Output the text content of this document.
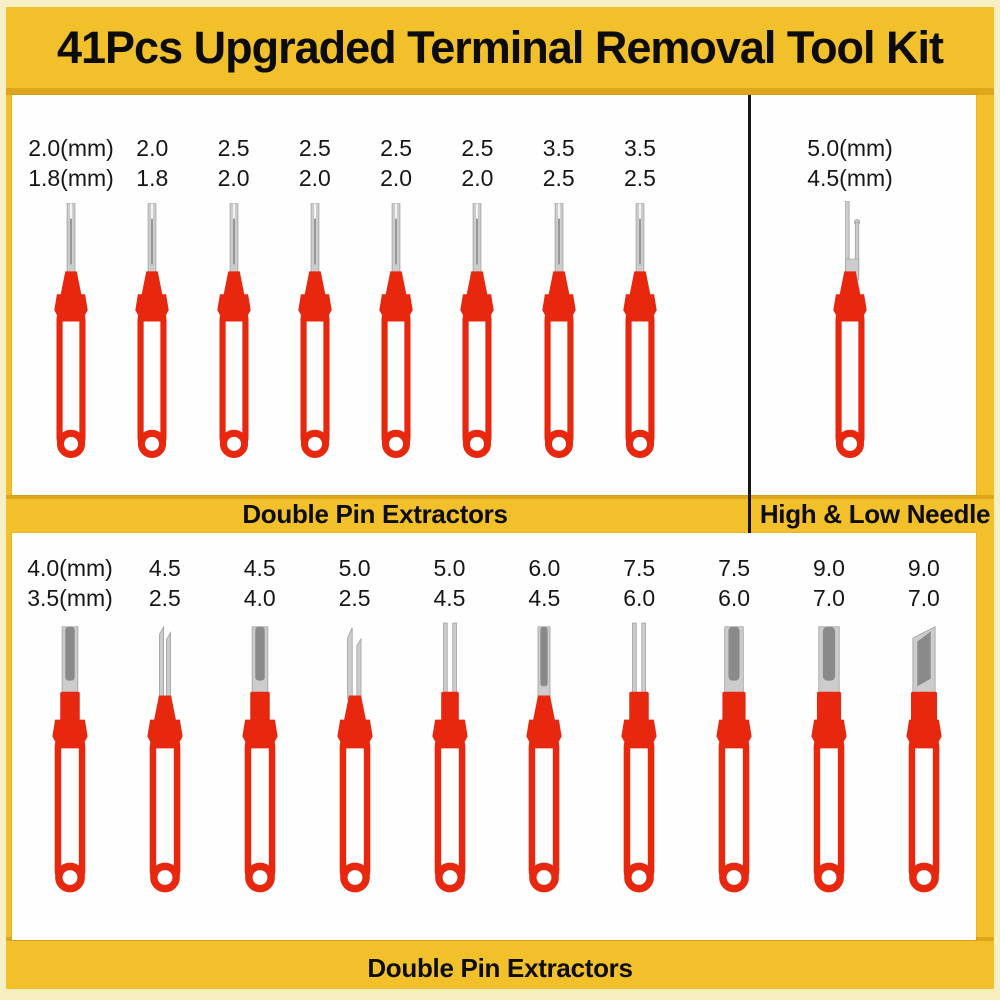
41Pcs Upgraded Terminal Removal Tool Kit
2.0(mm)
1.8(mm)
2.0
1.8
2.5
2.0
2.5
2.0
2.5
2.0
2.5
2.0
3.5
2.5
3.5
2.5
5.0(mm)
4.5(mm)
4.0(mm)
3.5(mm)
4.5
2.5
4.5
4.0
5.0
2.5
5.0
4.5
6.0
4.5
7.5
6.0
7.5
6.0
9.0
7.0
9.0
7.0
Double Pin Extractors	High & Low Needle
Double Pin Extractors
